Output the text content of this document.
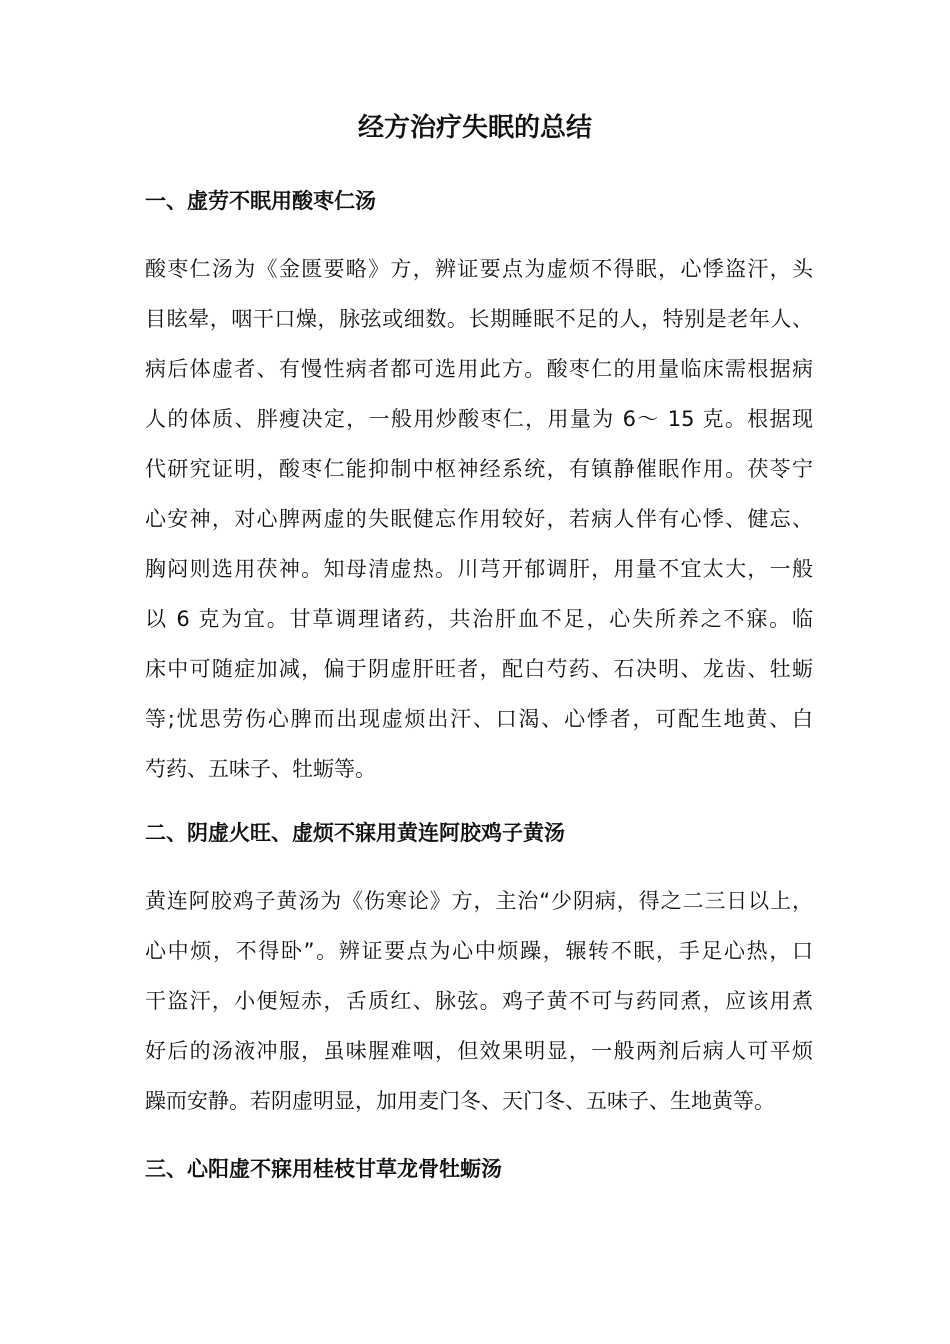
经方治疗失眠的总结
一、虚劳不眠用酸枣仁汤
酸枣仁汤为《金匮要略》方，辨证要点为虚烦不得眠，心悸盗汗，头
目眩晕，咽干口燥，脉弦或细数。长期睡眠不足的人，特别是老年人、
病后体虚者、有慢性病者都可选用此方。酸枣仁的用量临床需根据病
人的体质、胖瘦决定，一般用炒酸枣仁，用量为 6～ 15 克。根据现
代研究证明，酸枣仁能抑制中枢神经系统，有镇静催眠作用。茯苓宁
心安神，对心脾两虚的失眠健忘作用较好，若病人伴有心悸、健忘、
胸闷则选用茯神。知母清虚热。川芎开郁调肝，用量不宜太大，一般
以 6 克为宜。甘草调理诸药，共治肝血不足，心失所养之不寐。临
床中可随症加减，偏于阴虚肝旺者，配白芍药、石决明、龙齿、牡蛎
等;忧思劳伤心脾而出现虚烦出汗、口渴、心悸者，可配生地黄、白
芍药、五味子、牡蛎等。
二、阴虚火旺、虚烦不寐用黄连阿胶鸡子黄汤
黄连阿胶鸡子黄汤为《伤寒论》方，主治“少阴病，得之二三日以上，
心中烦，不得卧”。辨证要点为心中烦躁，辗转不眠，手足心热，口
干盗汗，小便短赤，舌质红、脉弦。鸡子黄不可与药同煮，应该用煮
好后的汤液冲服，虽味腥难咽，但效果明显，一般两剂后病人可平烦
躁而安静。若阴虚明显，加用麦门冬、天门冬、五味子、生地黄等。
三、心阳虚不寐用桂枝甘草龙骨牡蛎汤
